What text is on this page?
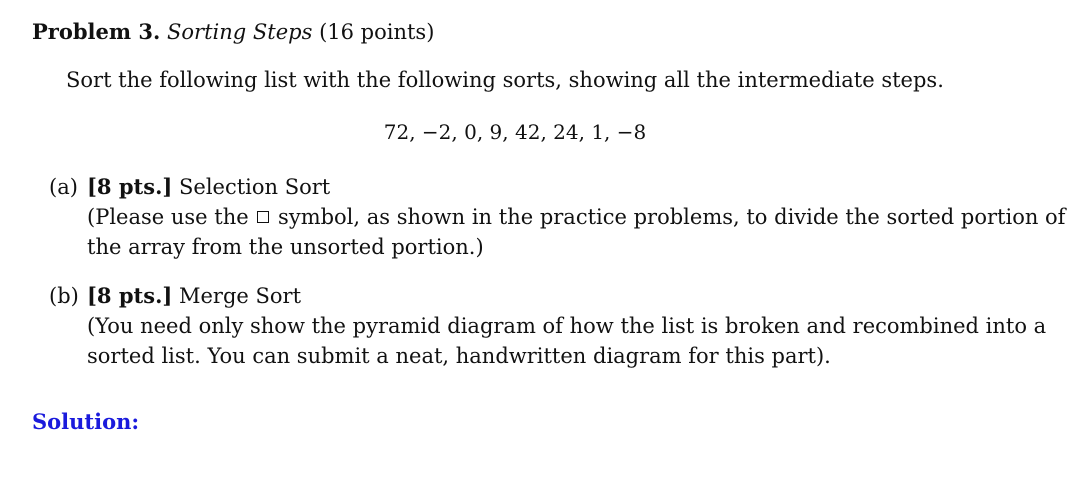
Problem 3. Sorting Steps (16 points)
Sort the following list with the following sorts, showing all the intermediate steps.
72, −2, 0, 9, 42, 24, 1, −8
(a) [8 pts.] Selection Sort
(Please use the symbol, as shown in the practice problems, to divide the sorted portion of
the array from the unsorted portion.)
(b) [8 pts.] Merge Sort
(You need only show the pyramid diagram of how the list is broken and recombined into a
sorted list. You can submit a neat, handwritten diagram for this part).
Solution:
